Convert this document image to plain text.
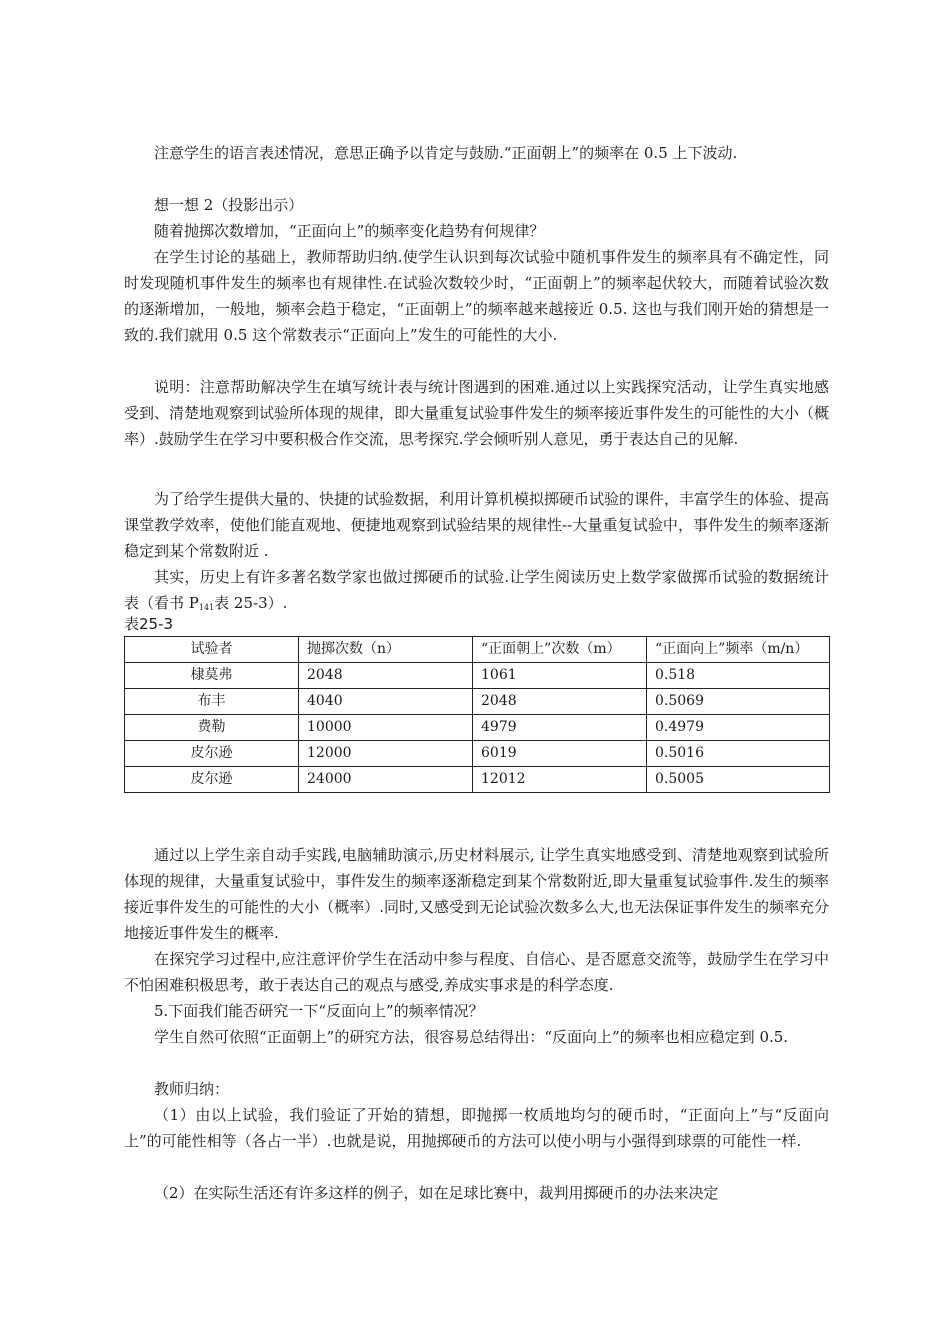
注意学生的语言表述情况，意思正确予以肯定与鼓励.“正面朝上”的频率在 0.5 上下波动.

想一想 2（投影出示）

随着抛掷次数增加，“正面向上”的频率变化趋势有何规律？

在学生讨论的基础上，教师帮助归纳.使学生认识到每次试验中随机事件发生的频率具有不确定性，同时发现随机事件发生的频率也有规律性.在试验次数较少时，“正面朝上”的频率起伏较大，而随着试验次数的逐渐增加，一般地，频率会趋于稳定，“正面朝上”的频率越来越接近 0.5. 这也与我们刚开始的猜想是一致的.我们就用 0.5 这个常数表示“正面向上”发生的可能性的大小.

说明：注意帮助解决学生在填写统计表与统计图遇到的困难.通过以上实践探究活动，让学生真实地感受到、清楚地观察到试验所体现的规律，即大量重复试验事件发生的频率接近事件发生的可能性的大小（概率）.鼓励学生在学习中要积极合作交流，思考探究.学会倾听别人意见，勇于表达自己的见解.

为了给学生提供大量的、快捷的试验数据，利用计算机模拟掷硬币试验的课件，丰富学生的体验、提高课堂教学效率，使他们能直观地、便捷地观察到试验结果的规律性--大量重复试验中，事件发生的频率逐渐稳定到某个常数附近 .

其实，历史上有许多著名数学家也做过掷硬币的试验.让学生阅读历史上数学家做掷币试验的数据统计表（看书 $P_{141}$表 25-3）.

表25-3
试验者	抛掷次数（n）	“正面朝上”次数（m）	“正面向上”频率（m/n）
棣莫弗	2048	1061	0.518
布丰	4040	2048	0.5069
费勒	10000	4979	0.4979
皮尔逊	12000	6019	0.5016
皮尔逊	24000	12012	0.5005

通过以上学生亲自动手实践,电脑辅助演示,历史材料展示, 让学生真实地感受到、清楚地观察到试验所体现的规律，大量重复试验中，事件发生的频率逐渐稳定到某个常数附近,即大量重复试验事件.发生的频率接近事件发生的可能性的大小（概率）.同时,又感受到无论试验次数多么大,也无法保证事件发生的频率充分地接近事件发生的概率.

在探究学习过程中,应注意评价学生在活动中参与程度、自信心、是否愿意交流等，鼓励学生在学习中不怕困难积极思考，敢于表达自己的观点与感受,养成实事求是的科学态度.

5.下面我们能否研究一下“反面向上”的频率情况？

学生自然可依照“正面朝上”的研究方法，很容易总结得出：“反面向上”的频率也相应稳定到 0.5.

教师归纳：

（1）由以上试验，我们验证了开始的猜想，即抛掷一枚质地均匀的硬币时，“正面向上”与“反面向上”的可能性相等（各占一半）.也就是说，用抛掷硬币的方法可以使小明与小强得到球票的可能性一样.

（2）在实际生活还有许多这样的例子，如在足球比赛中，裁判用掷硬币的办法来决定
